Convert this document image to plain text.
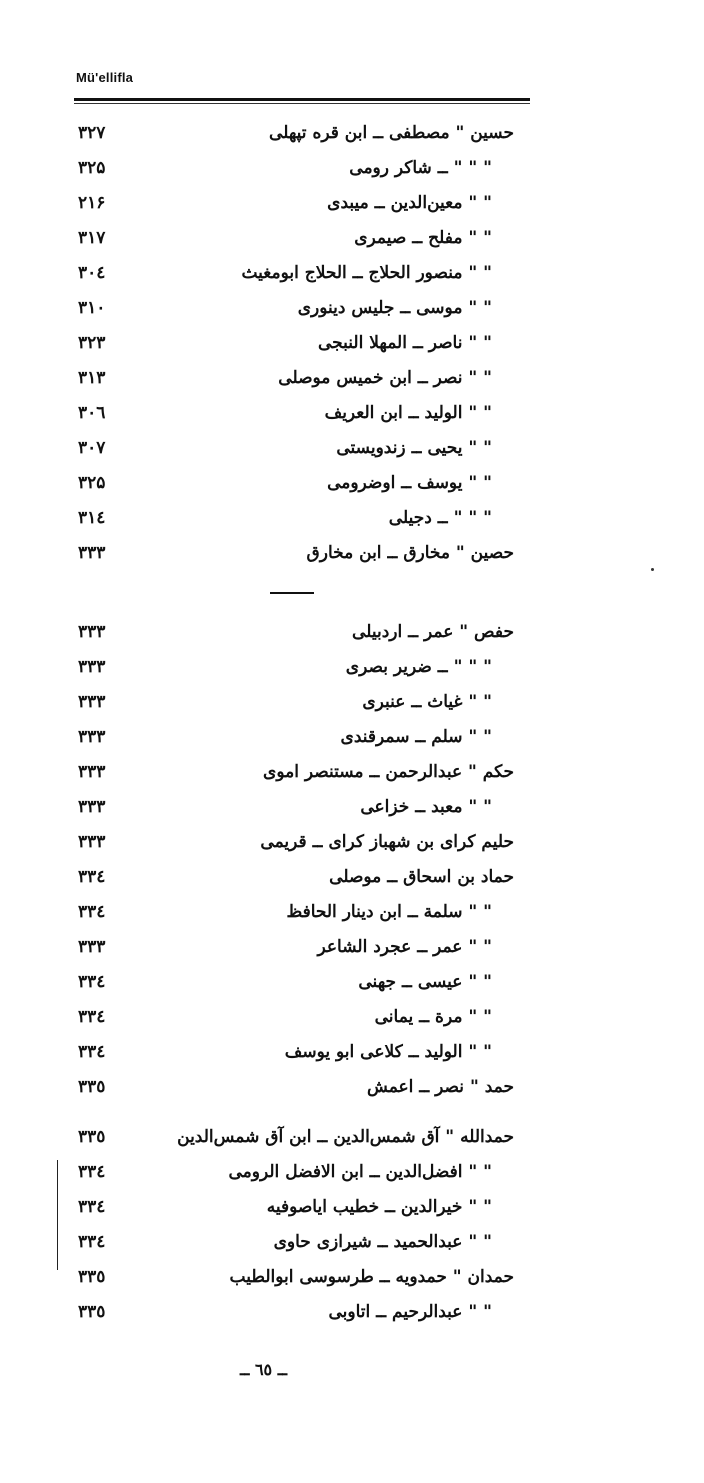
Mü'ellifla
حسین " مصطفی ــ ابن قره تپهلی
۳۲۷
" " " ــ شاکر رومی
۳۲۵
" " معین‌الدین ــ میبدی
۲۱۶
" " مفلح ــ صیمری
۳۱۷
" " منصور الحلاج ــ الحلاج ابومغیث
۳۰٤
" " موسی ــ جلیس دینوری
۳۱۰
" " ناصر ــ المهلا النبجی
۳۲۳
" " نصر ــ ابن خمیس موصلی
۳۱۳
" " الولید ــ ابن العریف
۳۰٦
" " یحیی ــ زندویستی
۳۰۷
" " یوسف ــ اوضرومی
۳۲۵
" " " ــ دجیلی
۳۱٤
حصین " مخارق ــ ابن مخارق
۳۳۳
حفص " عمر ــ اردبیلی
۳۳۳
" " " ــ ضریر بصری
۳۳۳
" " غیاث ــ عنبری
۳۳۳
" " سلم ــ سمرقندی
۳۳۳
حکم " عبدالرحمن ــ مستنصر اموی
۳۳۳
" " معبد ــ خزاعی
۳۳۳
حلیم کرای بن شهباز کرای ــ قریمی
۳۳۳
حماد بن اسحاق ــ موصلی
۳۳٤
" " سلمة ــ ابن دینار الحافظ
۳۳٤
" " عمر ــ عجرد الشاعر
۳۳۳
" " عیسی ــ جهنی
۳۳٤
" " مرة ــ یمانی
۳۳٤
" " الولید ــ کلاعی ابو یوسف
۳۳٤
حمد " نصر ــ اعمش
۳۳٥
حمدالله " آق شمس‌الدین ــ ابن آق شمس‌الدین
۳۳٥
" " افضل‌الدین ــ ابن الافضل الرومی
۳۳٤
" " خیرالدین ــ خطیب ایاصوفیه
۳۳٤
" " عبدالحمید ــ شیرازی حاوی
۳۳٤
حمدان " حمدویه ــ طرسوسی ابوالطیب
۳۳٥
" " عبدالرحیم ــ اتاوبی
۳۳٥
ــ ٦٥ ــ
